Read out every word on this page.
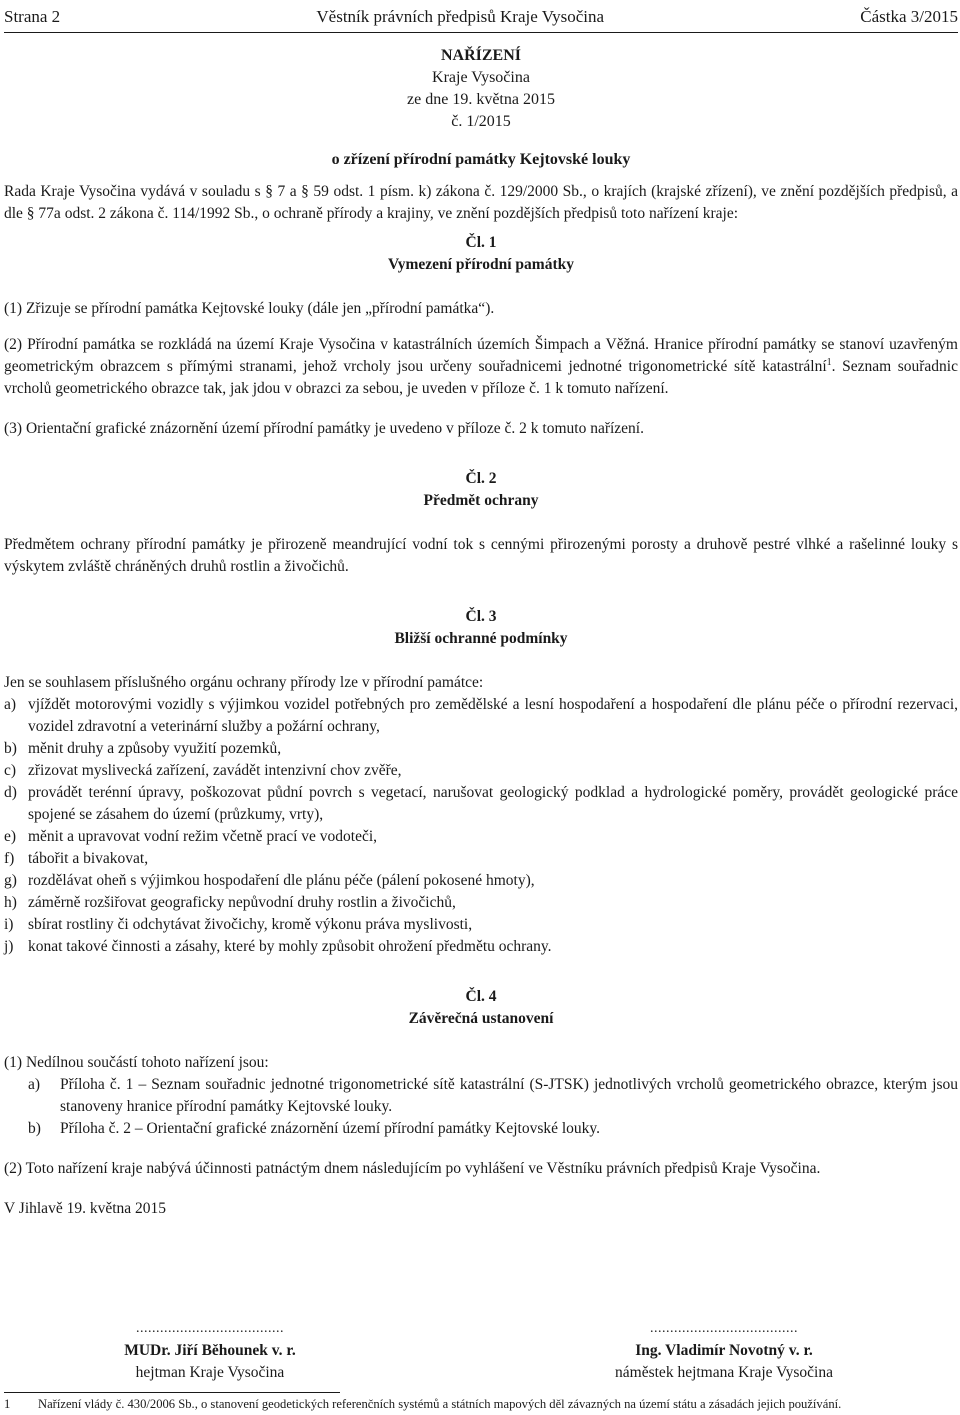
Strana 2	Věstník právních předpisů Kraje Vysočina	Částka 3/2015
NAŘÍZENÍ
Kraje Vysočina
ze dne 19. května 2015
č. 1/2015
o zřízení přírodní památky Kejtovské louky

Rada Kraje Vysočina vydává v souladu s § 7 a § 59 odst. 1 písm. k) zákona č. 129/2000 Sb., o krajích (krajské zřízení), ve znění pozdějších předpisů, a dle § 77a odst. 2 zákona č. 114/1992 Sb., o ochraně přírody a krajiny, ve znění pozdějších předpisů toto nařízení kraje:

Čl. 1
Vymezení přírodní památky

(1) Zřizuje se přírodní památka Kejtovské louky (dále jen „přírodní památka“).

(2) Přírodní památka se rozkládá na území Kraje Vysočina v katastrálních územích Šimpach a Věžná. Hranice přírodní památky se stanoví uzavřeným geometrickým obrazcem s přímými stranami, jehož vrcholy jsou určeny souřadnicemi jednotné trigonometrické sítě katastrální$^1$. Seznam souřadnic vrcholů geometrického obrazce tak, jak jdou v obrazci za sebou, je uveden v příloze č. 1 k tomuto nařízení.

(3) Orientační grafické znázornění území přírodní památky je uvedeno v příloze č. 2 k tomuto nařízení.

Čl. 2
Předmět ochrany

Předmětem ochrany přírodní památky je přirozeně meandrující vodní tok s cennými přirozenými porosty a druhově pestré vlhké a rašelinné louky s výskytem zvláště chráněných druhů rostlin a živočichů.

Čl. 3
Bližší ochranné podmínky

Jen se souhlasem příslušného orgánu ochrany přírody lze v přírodní památce:

a) vjíždět motorovými vozidly s výjimkou vozidel potřebných pro zemědělské a lesní hospodaření a hospodaření dle plánu péče o přírodní rezervaci, vozidel zdravotní a veterinární služby a požární ochrany,
b) měnit druhy a způsoby využití pozemků,
c) zřizovat myslivecká zařízení, zavádět intenzivní chov zvěře,
d) provádět terénní úpravy, poškozovat půdní povrch s vegetací, narušovat geologický podklad a hydrologické poměry, provádět geologické práce spojené se zásahem do území (průzkumy, vrty),
e) měnit a upravovat vodní režim včetně prací ve vodoteči,
f) tábořit a bivakovat,
g) rozdělávat oheň s výjimkou hospodaření dle plánu péče (pálení pokosené hmoty),
h) záměrně rozšiřovat geograficky nepůvodní druhy rostlin a živočichů,
i) sbírat rostliny či odchytávat živočichy, kromě výkonu práva myslivosti,
j) konat takové činnosti a zásahy, které by mohly způsobit ohrožení předmětu ochrany.
Čl. 4
Závěrečná ustanovení

(1) Nedílnou součástí tohoto nařízení jsou:

a)	Příloha č. 1 – Seznam souřadnic jednotné trigonometrické sítě katastrální (S-JTSK) jednotlivých vrcholů geometrického obrazce, kterým jsou stanoveny hranice přírodní památky Kejtovské louky.
b)	Příloha č. 2 – Orientační grafické znázornění území přírodní památky Kejtovské louky.

(2) Toto nařízení kraje nabývá účinnosti patnáctým dnem následujícím po vyhlášení ve Věstníku právních předpisů Kraje Vysočina.

V Jihlavě 19. května 2015

.....................................
MUDr. Jiří Běhounek v. r.
hejtman Kraje Vysočina
.....................................
Ing. Vladimír Novotný v. r.
náměstek hejtmana Kraje Vysočina
1	Nařízení vlády č. 430/2006 Sb., o stanovení geodetických referenčních systémů a státních mapových děl závazných na území státu a zásadách jejich používání.
